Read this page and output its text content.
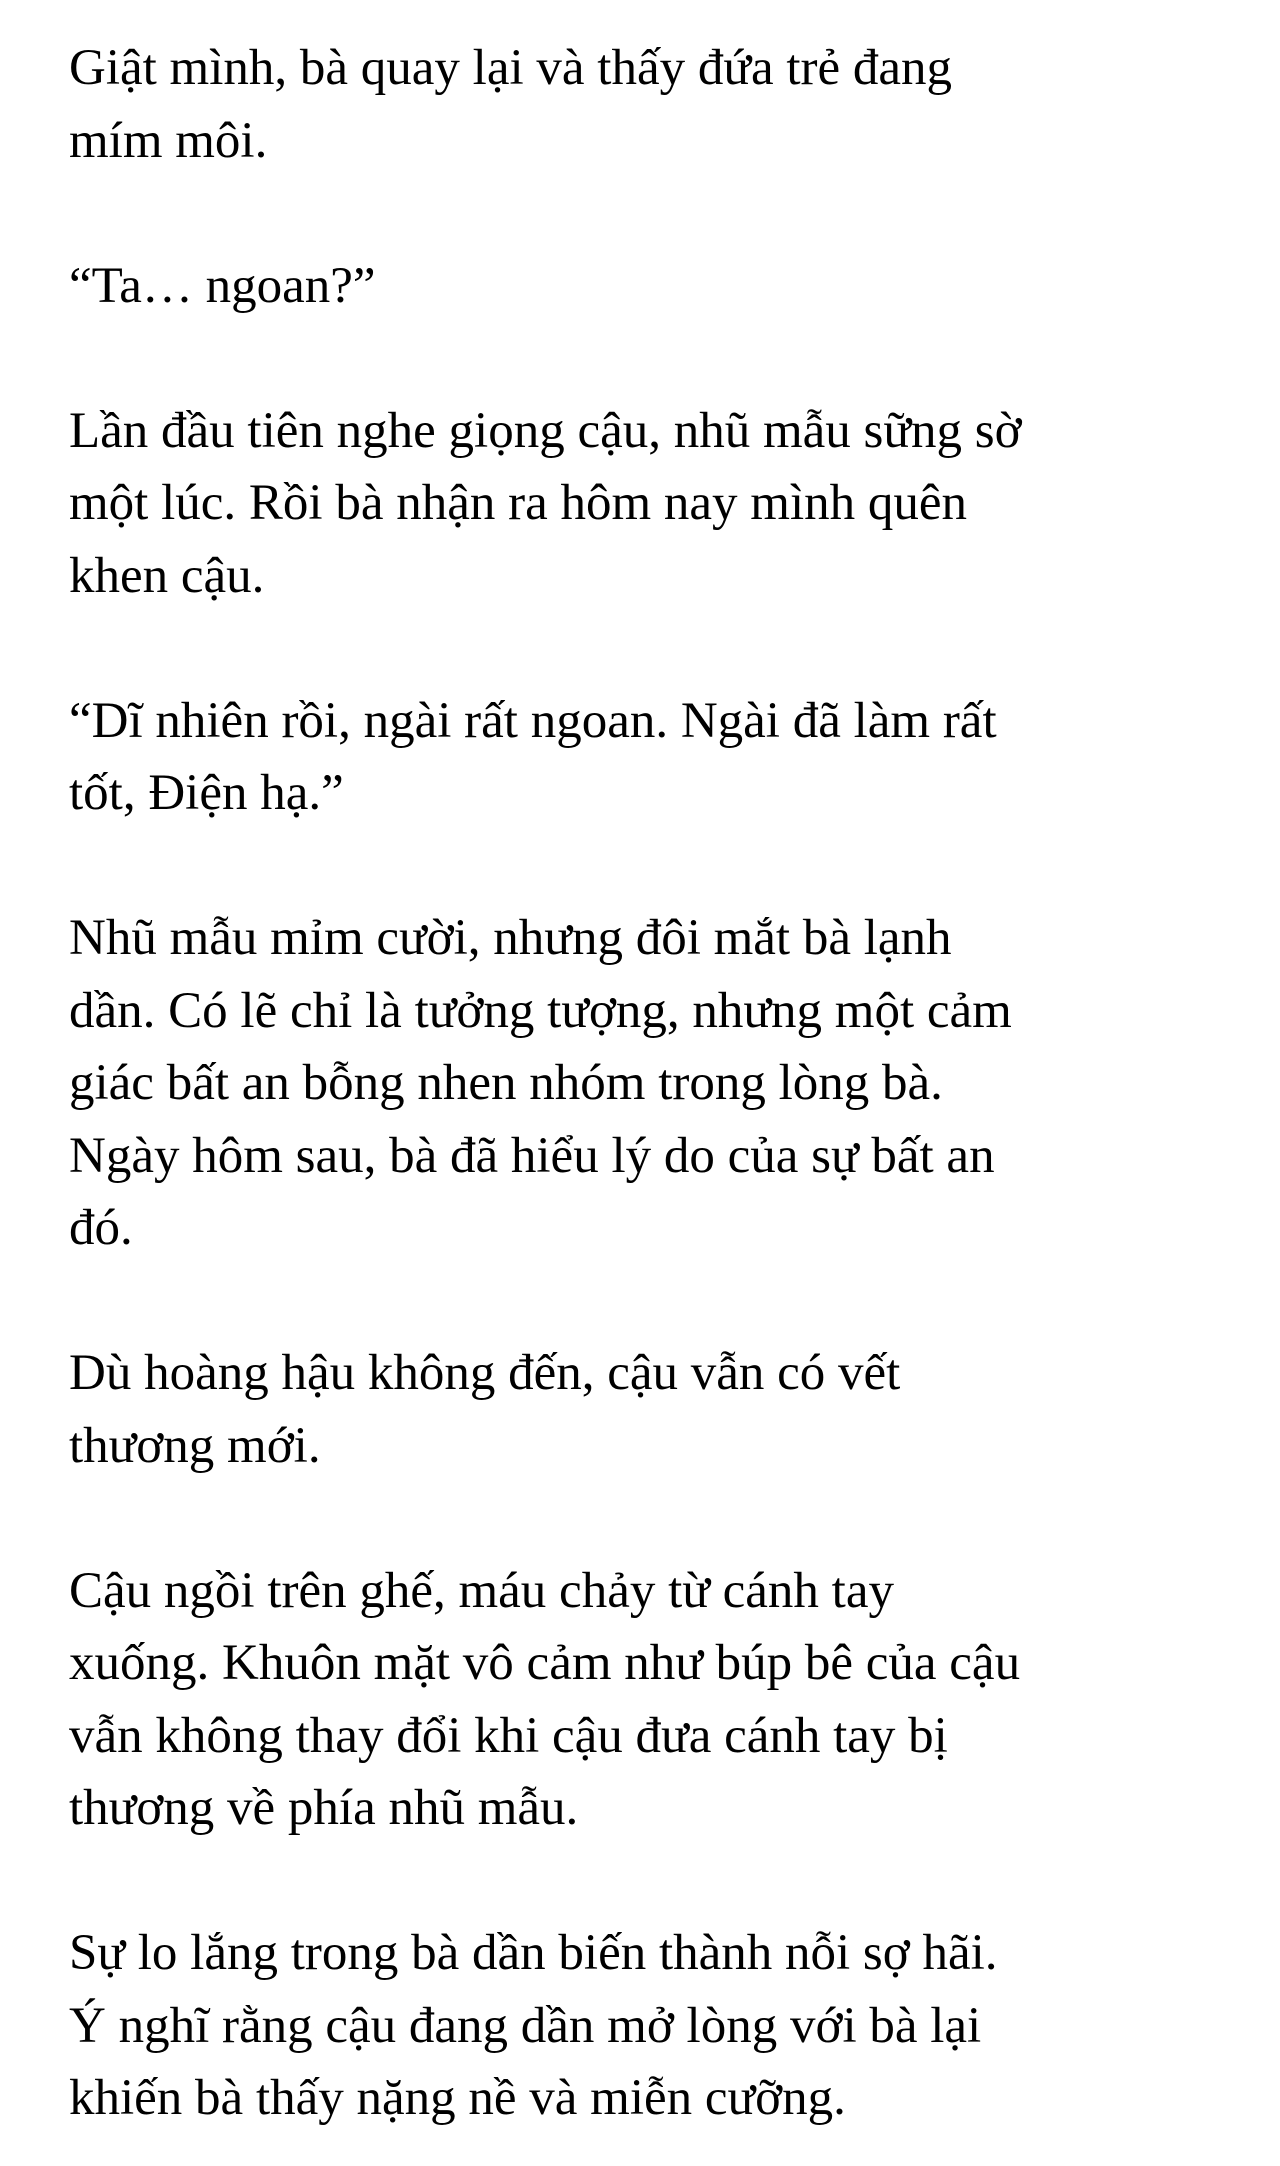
Giật mình, bà quay lại và thấy đứa trẻ đang
mím môi.

“Ta… ngoan?”

Lần đầu tiên nghe giọng cậu, nhũ mẫu sững sờ
một lúc. Rồi bà nhận ra hôm nay mình quên
khen cậu.

“Dĩ nhiên rồi, ngài rất ngoan. Ngài đã làm rất
tốt, Điện hạ.”

Nhũ mẫu mỉm cười, nhưng đôi mắt bà lạnh
dần. Có lẽ chỉ là tưởng tượng, nhưng một cảm
giác bất an bỗng nhen nhóm trong lòng bà.
Ngày hôm sau, bà đã hiểu lý do của sự bất an
đó.

Dù hoàng hậu không đến, cậu vẫn có vết
thương mới.

Cậu ngồi trên ghế, máu chảy từ cánh tay
xuống. Khuôn mặt vô cảm như búp bê của cậu
vẫn không thay đổi khi cậu đưa cánh tay bị
thương về phía nhũ mẫu.

Sự lo lắng trong bà dần biến thành nỗi sợ hãi.
Ý nghĩ rằng cậu đang dần mở lòng với bà lại
khiến bà thấy nặng nề và miễn cưỡng.
